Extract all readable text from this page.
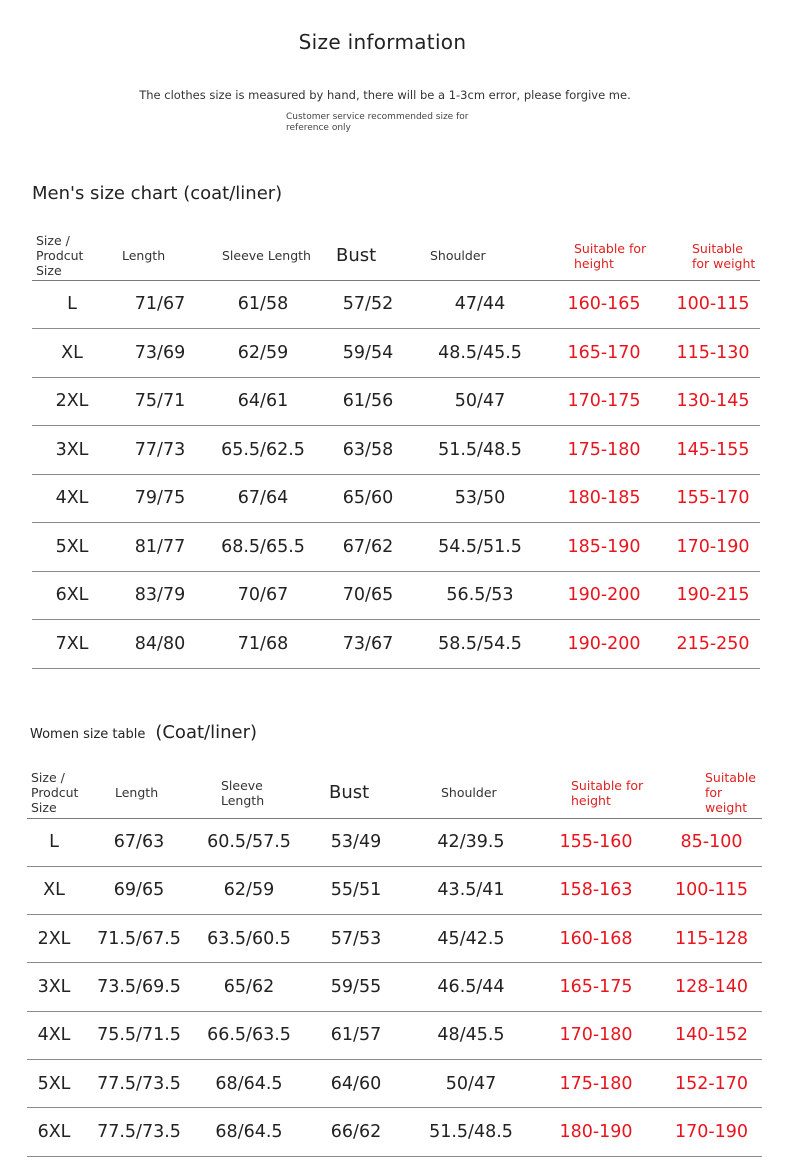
Size information
The clothes size is measured by hand, there will be a 1-3cm error, please forgive me.
Customer service recommended size for reference only
Men's size chart (coat/liner)
Size / Prodcut Size	Length	Sleeve Length	Bust	Shoulder	Suitable for height	Suitable for weight
L	71/67	61/58	57/52	47/44	160-165	100-115
XL	73/69	62/59	59/54	48.5/45.5	165-170	115-130
2XL	75/71	64/61	61/56	50/47	170-175	130-145
3XL	77/73	65.5/62.5	63/58	51.5/48.5	175-180	145-155
4XL	79/75	67/64	65/60	53/50	180-185	155-170
5XL	81/77	68.5/65.5	67/62	54.5/51.5	185-190	170-190
6XL	83/79	70/67	70/65	56.5/53	190-200	190-215
7XL	84/80	71/68	73/67	58.5/54.5	190-200	215-250
Women size table (Coat/liner)
Size / Prodcut Size	Length	Sleeve Length	Bust	Shoulder	Suitable for height	Suitable for weight
L	67/63	60.5/57.5	53/49	42/39.5	155-160	85-100
XL	69/65	62/59	55/51	43.5/41	158-163	100-115
2XL	71.5/67.5	63.5/60.5	57/53	45/42.5	160-168	115-128
3XL	73.5/69.5	65/62	59/55	46.5/44	165-175	128-140
4XL	75.5/71.5	66.5/63.5	61/57	48/45.5	170-180	140-152
5XL	77.5/73.5	68/64.5	64/60	50/47	175-180	152-170
6XL	77.5/73.5	68/64.5	66/62	51.5/48.5	180-190	170-190
